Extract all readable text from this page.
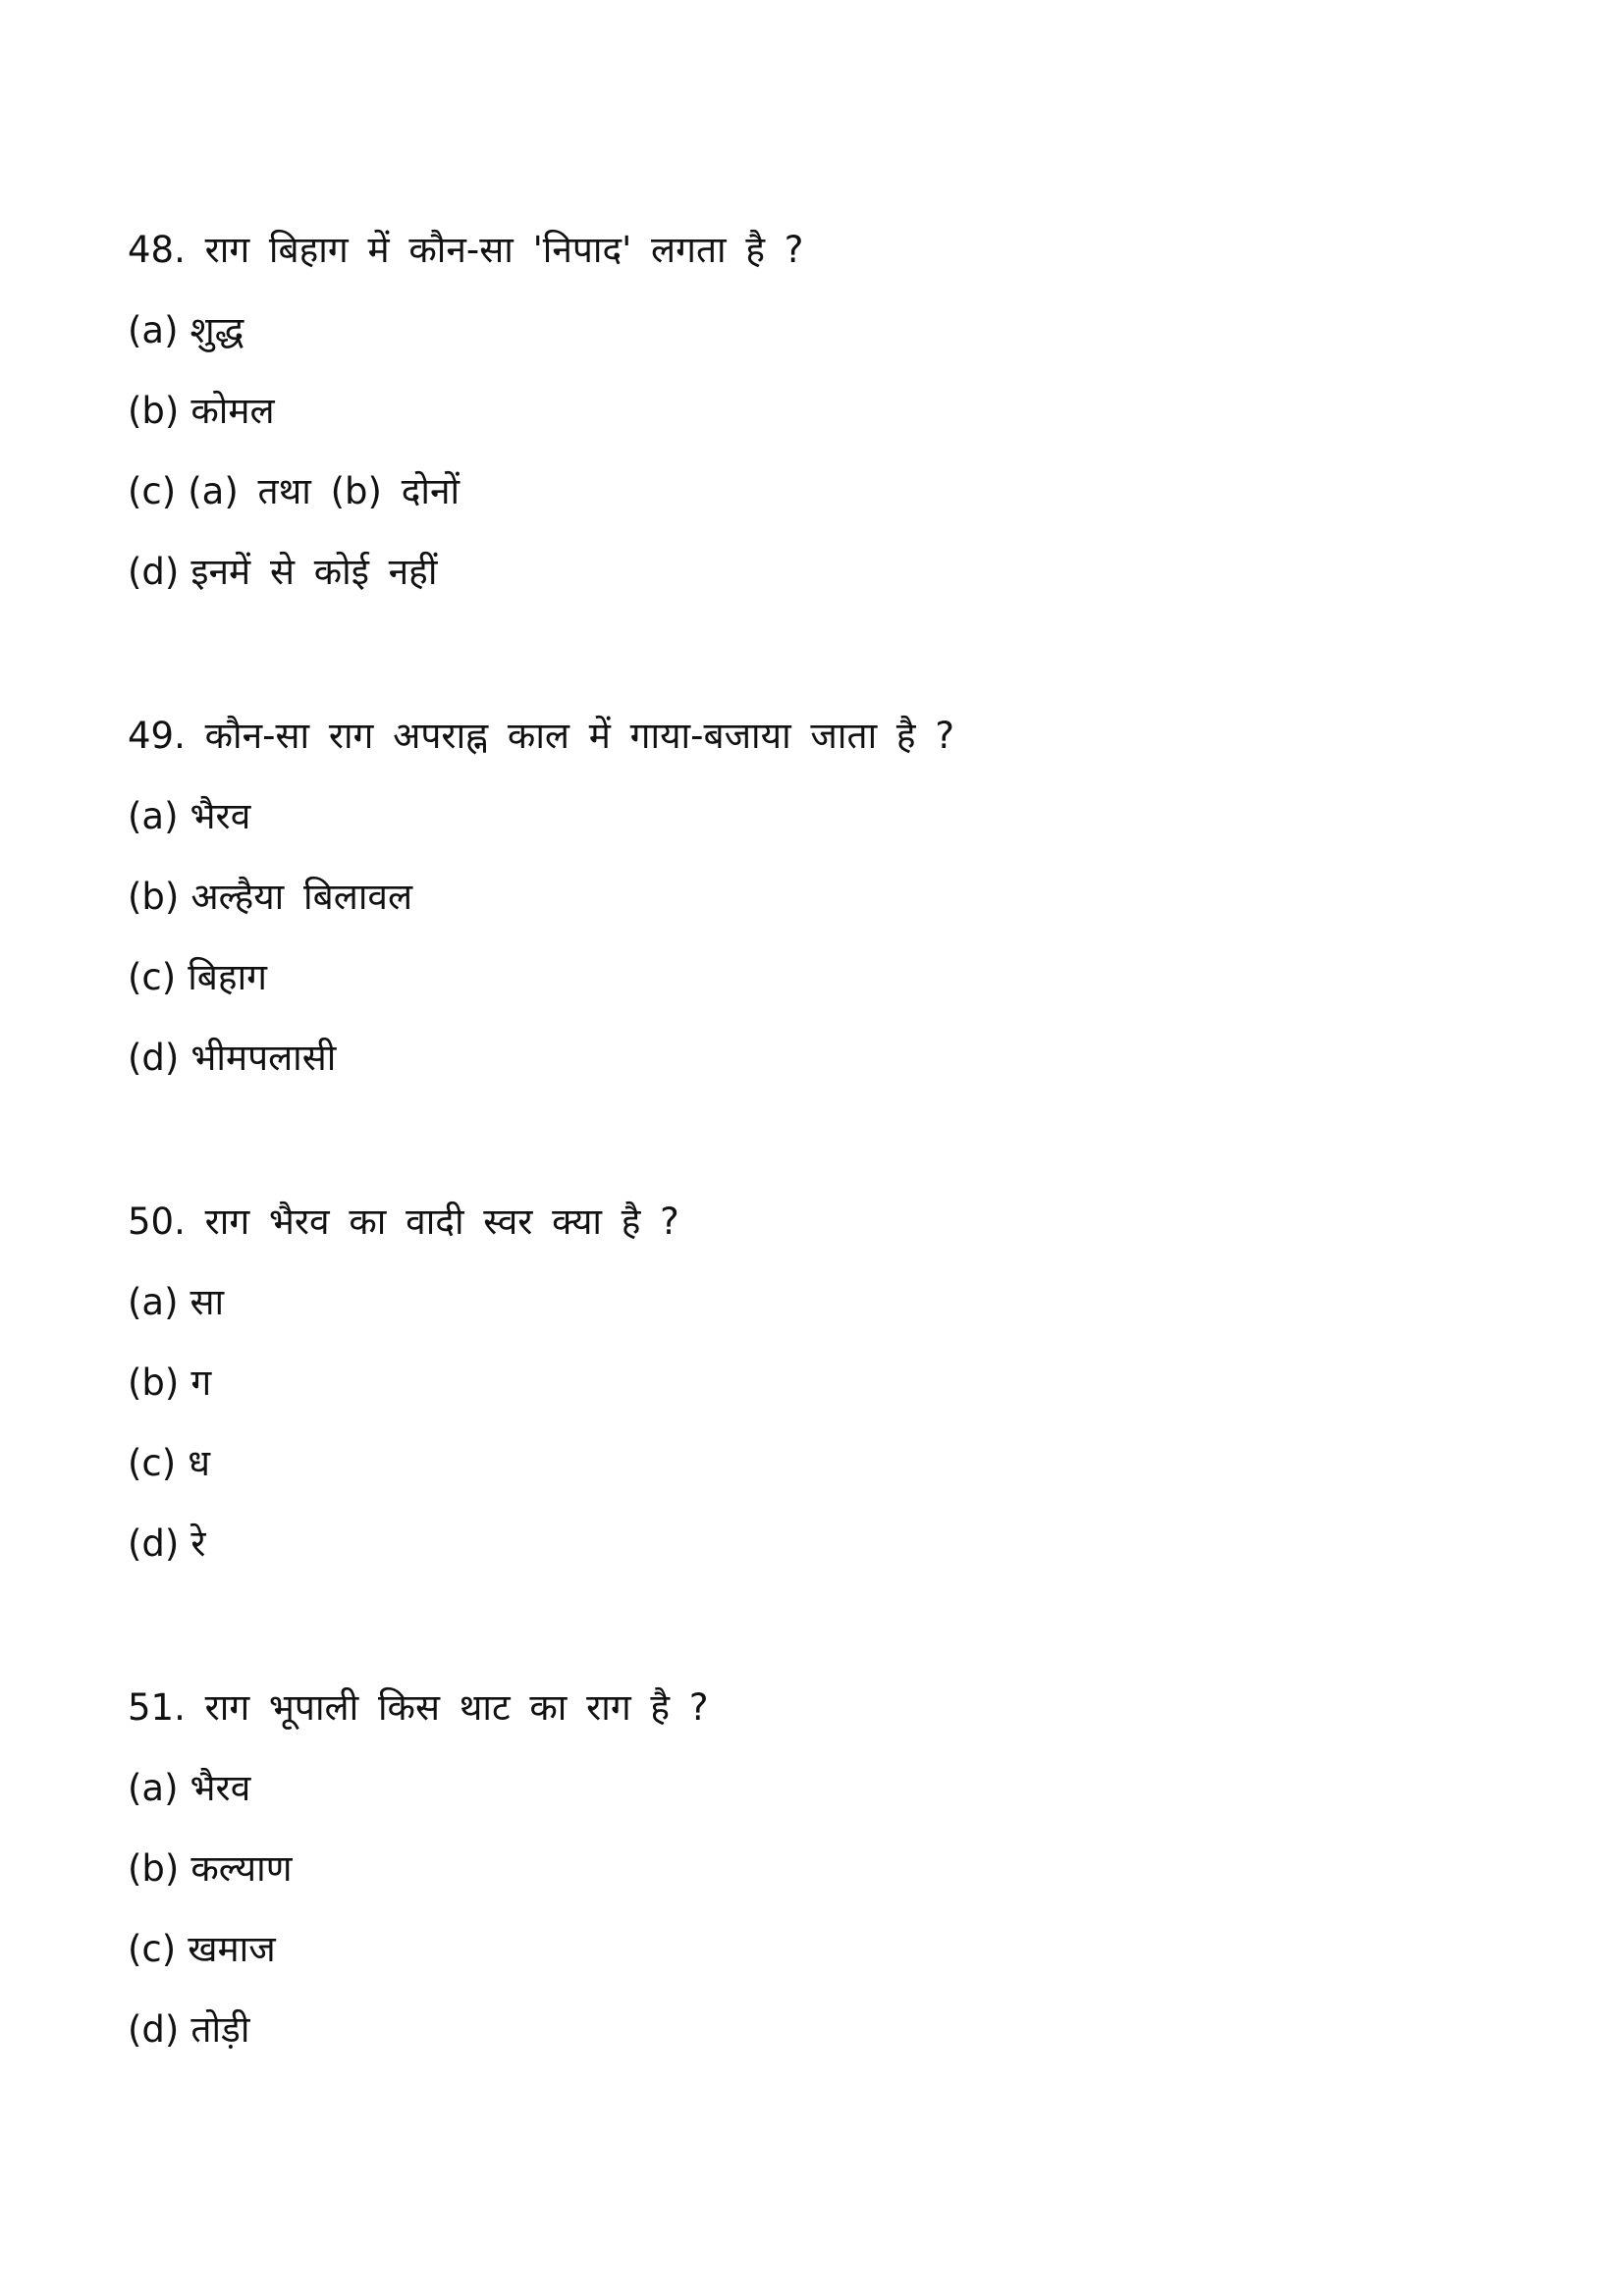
48. राग बिहाग में कौन-सा 'निपाद' लगता है ?
(a) शुद्ध
(b) कोमल
(c) (a) तथा (b) दोनों
(d) इनमें से कोई नहीं
49. कौन-सा राग अपराह्न काल में गाया-बजाया जाता है ?
(a) भैरव
(b) अल्हैया बिलावल
(c) बिहाग
(d) भीमपलासी
50. राग भैरव का वादी स्वर क्या है ?
(a) सा
(b) ग
(c) ध
(d) रे
51. राग भूपाली किस थाट का राग है ?
(a) भैरव
(b) कल्याण
(c) खमाज
(d) तोड़ी
